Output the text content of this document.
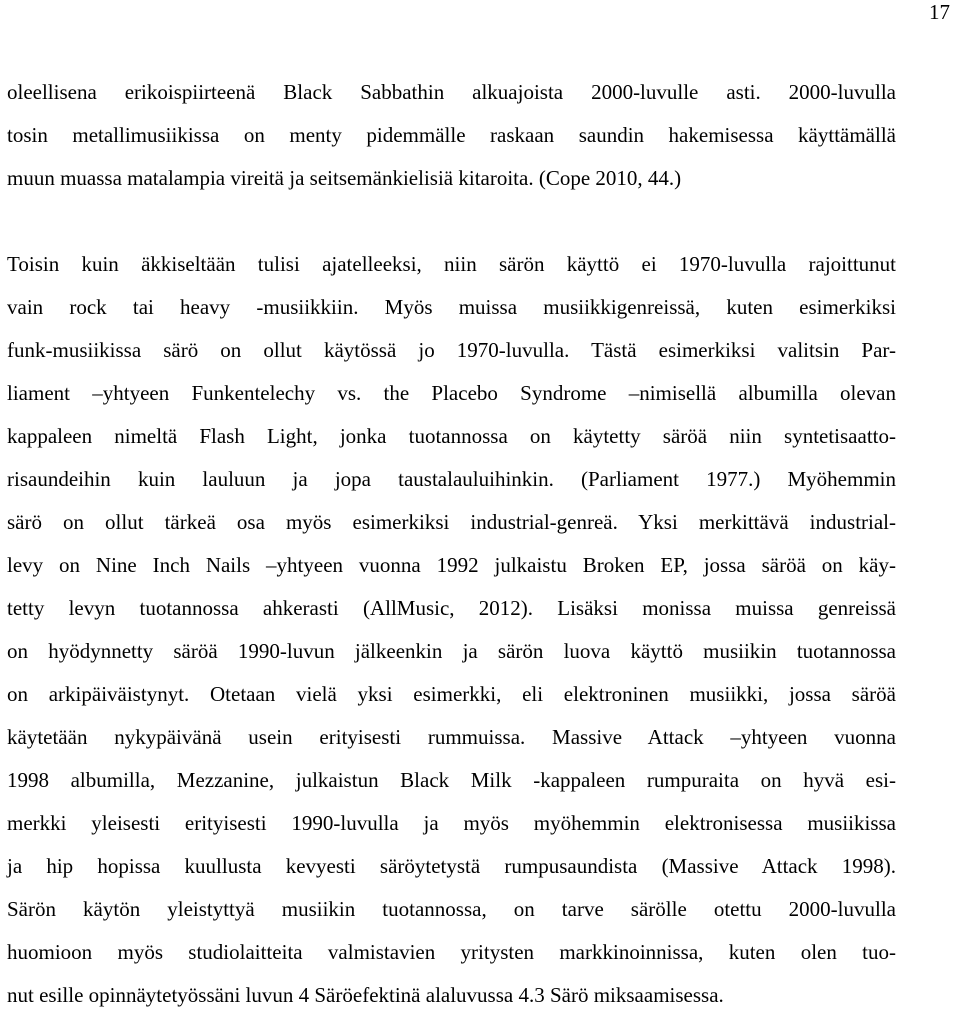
17
oleellisena erikoispiirteenä Black Sabbathin alkuajoista 2000-luvulle asti. 2000-luvulla
tosin metallimusiikissa on menty pidemmälle raskaan saundin hakemisessa käyttämällä
muun muassa matalampia vireitä ja seitsemänkielisiä kitaroita. (Cope 2010, 44.)
Toisin kuin äkkiseltään tulisi ajatelleeksi, niin särön käyttö ei 1970-luvulla rajoittunut
vain rock tai heavy -musiikkiin. Myös muissa musiikkigenreissä, kuten esimerkiksi
funk-musiikissa särö on ollut käytössä jo 1970-luvulla. Tästä esimerkiksi valitsin Par-
liament –yhtyeen Funkentelechy vs. the Placebo Syndrome –nimisellä albumilla olevan
kappaleen nimeltä Flash Light, jonka tuotannossa on käytetty säröä niin syntetisaatto-
risaundeihin kuin lauluun ja jopa taustalauluihinkin. (Parliament 1977.) Myöhemmin
särö on ollut tärkeä osa myös esimerkiksi industrial-genreä. Yksi merkittävä industrial-
levy on Nine Inch Nails –yhtyeen vuonna 1992 julkaistu Broken EP, jossa säröä on käy-
tetty levyn tuotannossa ahkerasti (AllMusic, 2012). Lisäksi monissa muissa genreissä
on hyödynnetty säröä 1990-luvun jälkeenkin ja särön luova käyttö musiikin tuotannossa
on arkipäiväistynyt. Otetaan vielä yksi esimerkki, eli elektroninen musiikki, jossa säröä
käytetään nykypäivänä usein erityisesti rummuissa. Massive Attack –yhtyeen vuonna
1998 albumilla, Mezzanine, julkaistun Black Milk -kappaleen rumpuraita on hyvä esi-
merkki yleisesti erityisesti 1990-luvulla ja myös myöhemmin elektronisessa musiikissa
ja hip hopissa kuullusta kevyesti säröytetystä rumpusaundista (Massive Attack 1998).
Särön käytön yleistyttyä musiikin tuotannossa, on tarve särölle otettu 2000-luvulla
huomioon myös studiolaitteita valmistavien yritysten markkinoinnissa, kuten olen tuo-
nut esille opinnäytetyössäni luvun 4 Säröefektinä alaluvussa 4.3 Särö miksaamisessa.
